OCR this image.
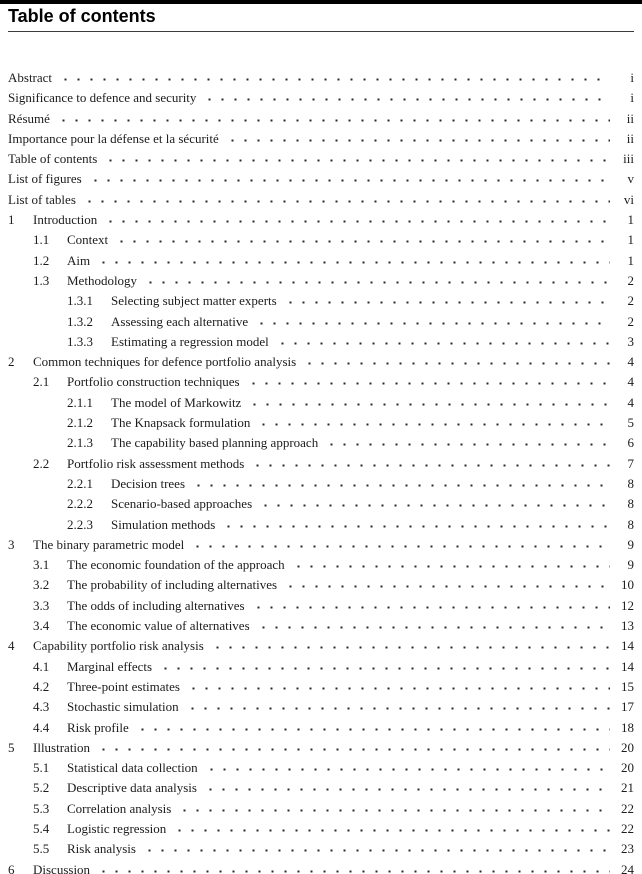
Table of contents
Abstract	i
Significance to defence and security	i
Résumé	ii
Importance pour la défense et la sécurité	ii
Table of contents	iii
List of figures	v
List of tables	vi
1	Introduction	1
1.1	Context	1
1.2	Aim	1
1.3	Methodology	2
1.3.1	Selecting subject matter experts	2
1.3.2	Assessing each alternative	2
1.3.3	Estimating a regression model	3
2	Common techniques for defence portfolio analysis	4
2.1	Portfolio construction techniques	4
2.1.1	The model of Markowitz	4
2.1.2	The Knapsack formulation	5
2.1.3	The capability based planning approach	6
2.2	Portfolio risk assessment methods	7
2.2.1	Decision trees	8
2.2.2	Scenario-based approaches	8
2.2.3	Simulation methods	8
3	The binary parametric model	9
3.1	The economic foundation of the approach	9
3.2	The probability of including alternatives	10
3.3	The odds of including alternatives	12
3.4	The economic value of alternatives	13
4	Capability portfolio risk analysis	14
4.1	Marginal effects	14
4.2	Three-point estimates	15
4.3	Stochastic simulation	17
4.4	Risk profile	18
5	Illustration	20
5.1	Statistical data collection	20
5.2	Descriptive data analysis	21
5.3	Correlation analysis	22
5.4	Logistic regression	22
5.5	Risk analysis	23
6	Discussion	24
